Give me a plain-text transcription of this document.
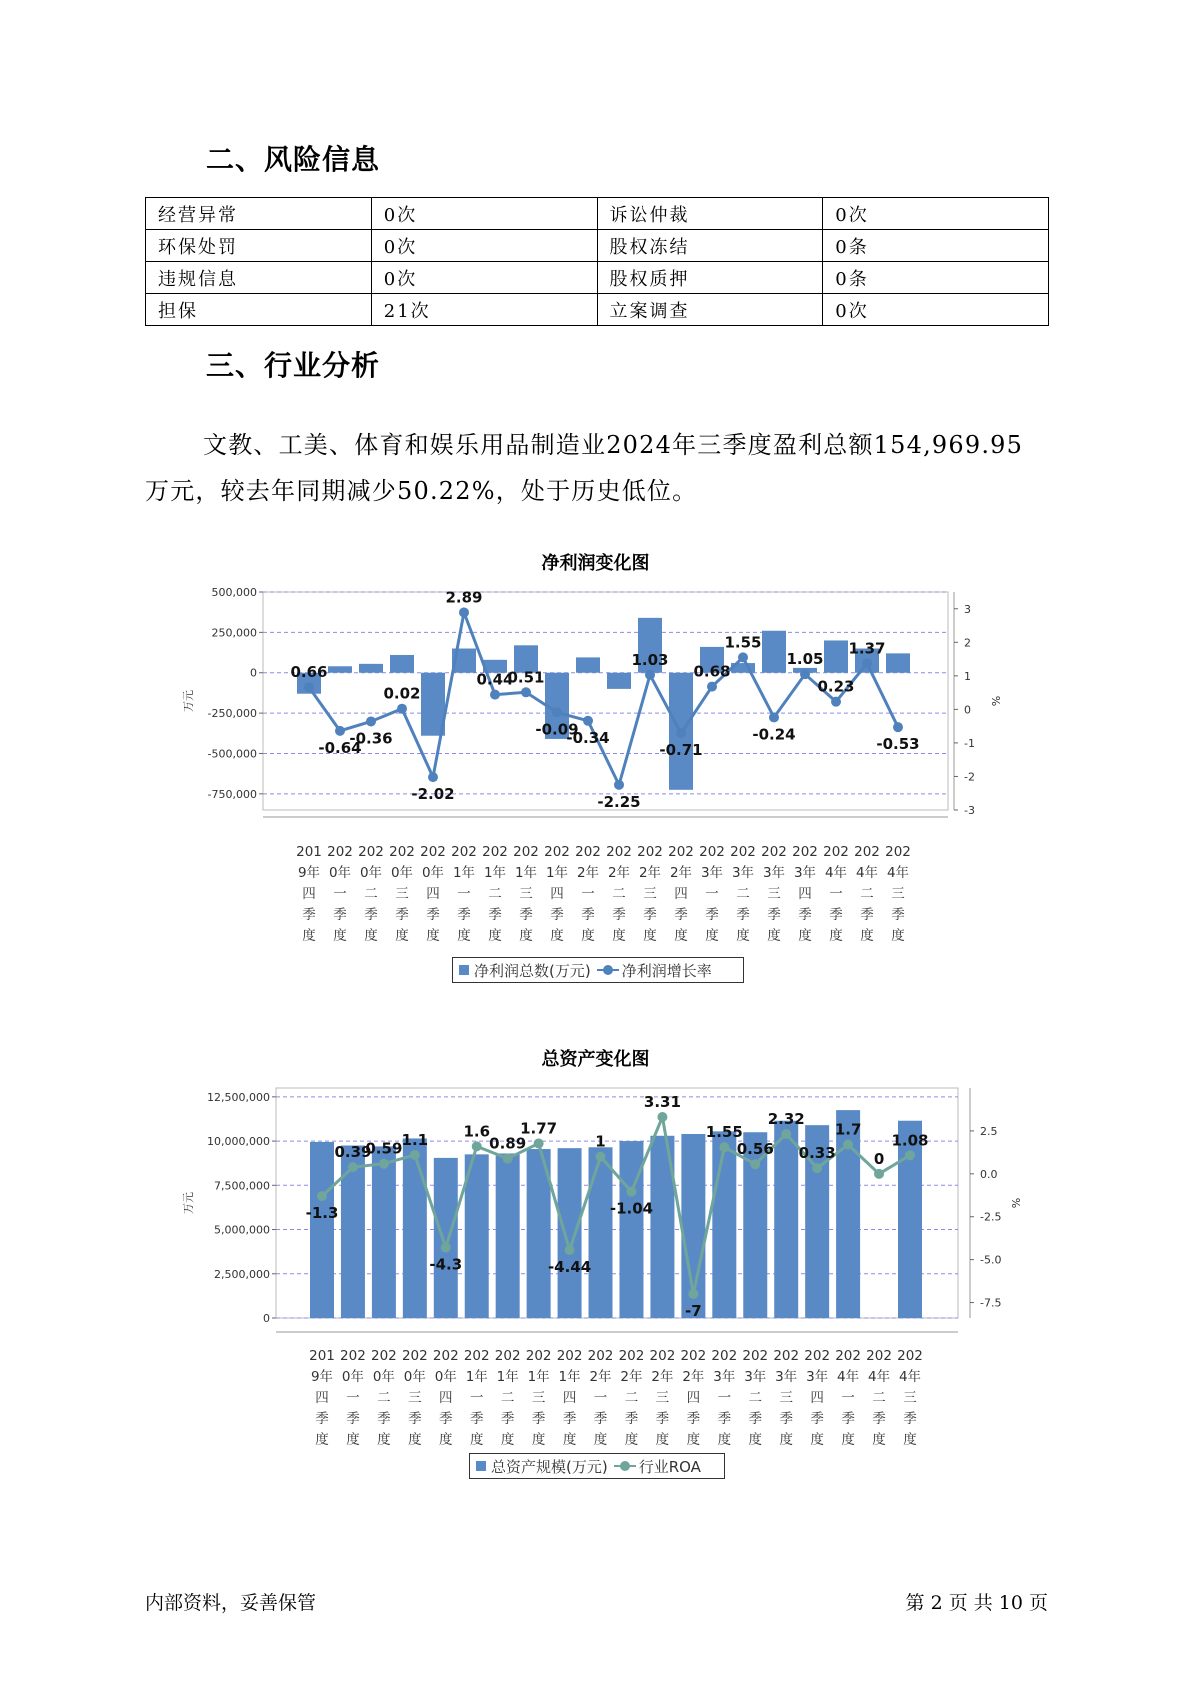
二、风险信息
经营异常	0次	诉讼仲裁	0次
环保处罚	0次	股权冻结	0条
违规信息	0次	股权质押	0条
担保	21次	立案调查	0次
三、行业分析

文教、工美、体育和娱乐用品制造业2024年三季度盈利总额154,969.95
万元，较去年同期减少50.22%，处于历史低位。

净利润变化图

500,000
250,000
0
-250,000
-500,000
-750,000
3
2
1
0
-1
-2
-3
万元	%
0.66
-0.64
-0.36
0.02
-2.02
2.89
0.44
0.51
-0.09
-0.34
-2.25
1.03
-0.71
0.68
1.55
-0.24
1.05
0.23
1.37
-0.53
201 9年四季度
202 0年一季度
202 0年二季度
202 0年三季度
202 0年四季度
202 1年一季度
202 1年二季度
202 1年三季度
202 1年四季度
202 2年一季度
202 2年二季度
202 2年三季度
202 2年四季度
202 3年一季度
202 3年二季度
202 3年三季度
202 3年四季度
202 4年一季度
202 4年二季度
202 4年三季度
净利润总数(万元) 净利润增长率

总资产变化图

12,500,000
10,000,000
7,500,000
5,000,000
2,500,000
0
2.5
0.0
-2.5
-5.0
-7.5
万元	%
-1.3
0.39
0.59 1.1
-4.3
1.6
0.89
1.77
-4.44
1
-1.04
3.31
-7
1.55
0.56
2.32
0.33
1.7
0
1.08
201 9年四季度
202 0年一季度
202 0年二季度
202 0年三季度
202 0年四季度
202 1年一季度
202 1年二季度
202 1年三季度
202 1年四季度
202 2年一季度
202 2年二季度
202 2年三季度
202 2年四季度
202 3年一季度
202 3年二季度
202 3年三季度
202 3年四季度
202 4年一季度
202 4年二季度
202 4年三季度
总资产规模(万元) 行业ROA

内部资料，妥善保管	第 2 页 共 10 页
